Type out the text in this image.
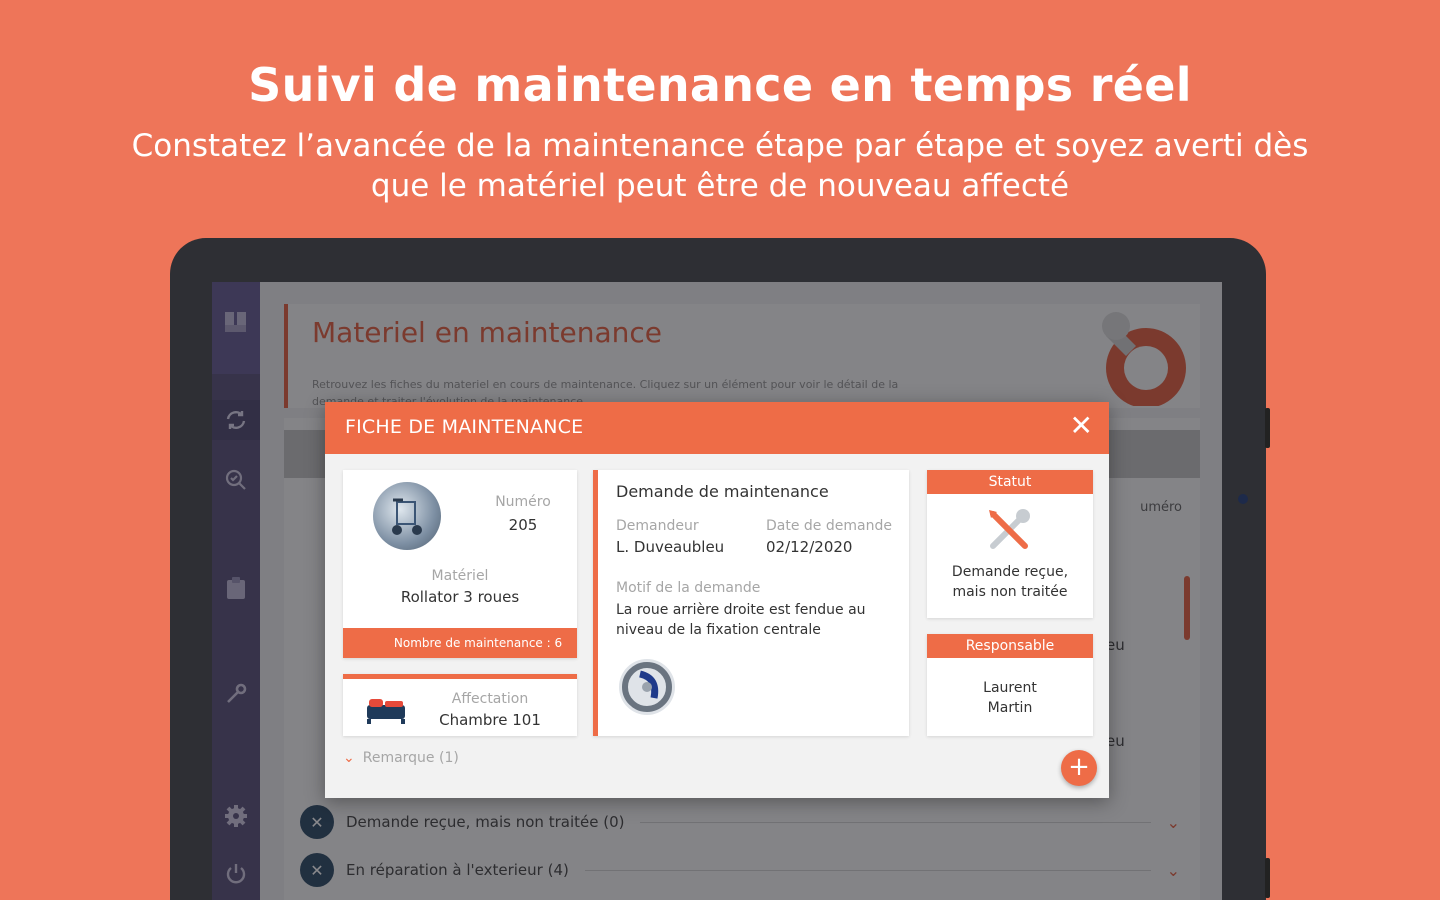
Suivi de maintenance en temps réel
Constatez l’avancée de la maintenance étape par étape et soyez averti dès
que le matériel peut être de nouveau affecté
FICHE DE MAINTENANCE	✕
Numéro
205
Matériel
Rollator 3 roues
Nombre de maintenance : 6
Affectation
Chambre 101
Demande de maintenance
Demandeur
L. Duveaubleu
Date de demande
02/12/2020
Motif de la demande
La roue arrière droite est fendue au niveau de la fixation centrale
Statut
Demande reçue,
mais non traitée
Responsable
Laurent
Martin
⌄ Remarque (1)	+
